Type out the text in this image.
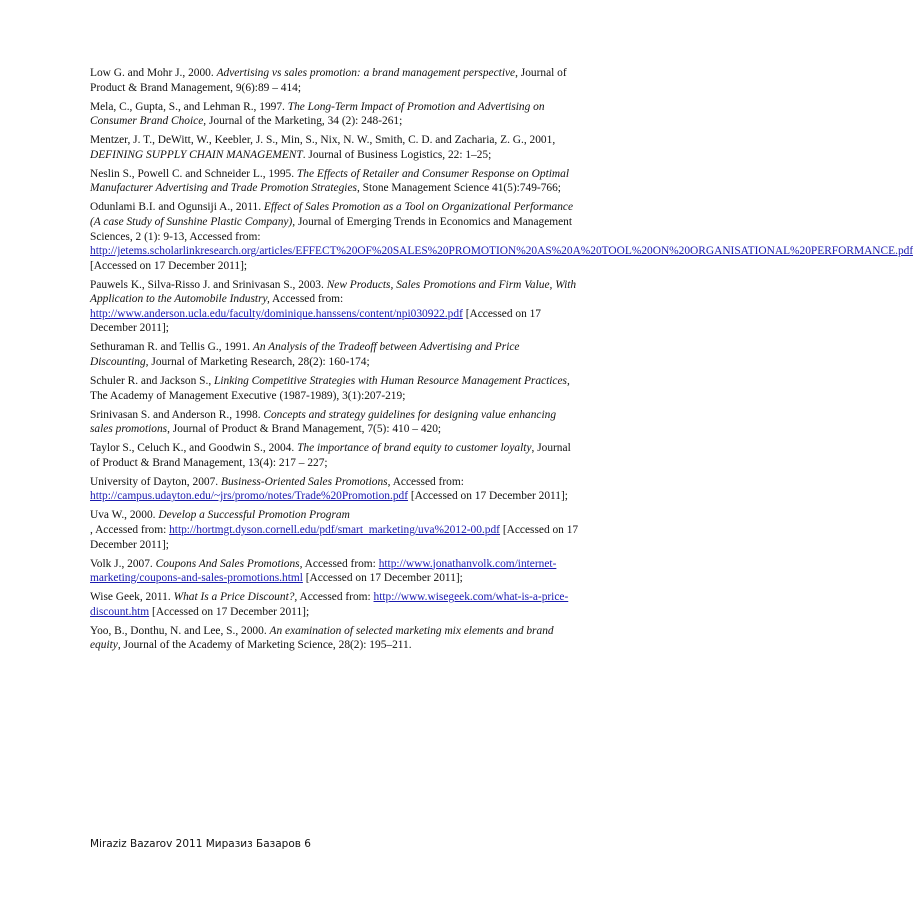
Low G. and Mohr J., 2000. Advertising vs sales promotion: a brand management perspective, Journal of Product & Brand Management, 9(6):89 – 414;

Mela, C., Gupta, S., and Lehman R., 1997. The Long-Term Impact of Promotion and Advertising on Consumer Brand Choice, Journal of the Marketing, 34 (2): 248-261;

Mentzer, J. T., DeWitt, W., Keebler, J. S., Min, S., Nix, N. W., Smith, C. D. and Zacharia, Z. G., 2001, DEFINING SUPPLY CHAIN MANAGEMENT. Journal of Business Logistics, 22: 1–25;

Neslin S., Powell C. and Schneider L., 1995. The Effects of Retailer and Consumer Response on Optimal Manufacturer Advertising and Trade Promotion Strategies, Stone Management Science 41(5):749-766;

Odunlami B.I. and Ogunsiji A., 2011. Effect of Sales Promotion as a Tool on Organizational Performance (A case Study of Sunshine Plastic Company), Journal of Emerging Trends in Economics and Management Sciences, 2 (1): 9-13, Accessed from: http://jetems.scholarlinkresearch.org/articles/EFFECT%20OF%20SALES%20PROMOTION%20AS%20A%20TOOL%20ON%20ORGANISATIONAL%20PERFORMANCE.pdf [Accessed on 17 December 2011];

Pauwels K., Silva-Risso J. and Srinivasan S., 2003. New Products, Sales Promotions and Firm Value, With Application to the Automobile Industry, Accessed from: http://www.anderson.ucla.edu/faculty/dominique.hanssens/content/npi030922.pdf [Accessed on 17 December 2011];

Sethuraman R. and Tellis G., 1991. An Analysis of the Tradeoff between Advertising and Price Discounting, Journal of Marketing Research, 28(2): 160-174;

Schuler R. and Jackson S., Linking Competitive Strategies with Human Resource Management Practices, The Academy of Management Executive (1987-1989), 3(1):207-219;

Srinivasan S. and Anderson R., 1998. Concepts and strategy guidelines for designing value enhancing sales promotions, Journal of Product & Brand Management, 7(5): 410 – 420;

Taylor S., Celuch K., and Goodwin S., 2004. The importance of brand equity to customer loyalty, Journal of Product & Brand Management, 13(4): 217 – 227;

University of Dayton, 2007. Business-Oriented Sales Promotions, Accessed from: http://campus.udayton.edu/~jrs/promo/notes/Trade%20Promotion.pdf [Accessed on 17 December 2011];

Uva W., 2000. Develop a Successful Promotion Program
, Accessed from: http://hortmgt.dyson.cornell.edu/pdf/smart_marketing/uva%2012-00.pdf [Accessed on 17 December 2011];

Volk J., 2007. Coupons And Sales Promotions, Accessed from: http://www.jonathanvolk.com/internet-marketing/coupons-and-sales-promotions.html [Accessed on 17 December 2011];

Wise Geek, 2011. What Is a Price Discount?, Accessed from: http://www.wisegeek.com/what-is-a-price-discount.htm [Accessed on 17 December 2011];

Yoo, B., Donthu, N. and Lee, S., 2000. An examination of selected marketing mix elements and brand equity, Journal of the Academy of Marketing Science, 28(2): 195–211.

Miraziz Bazarov 2011 Миразиз Базаров 6
